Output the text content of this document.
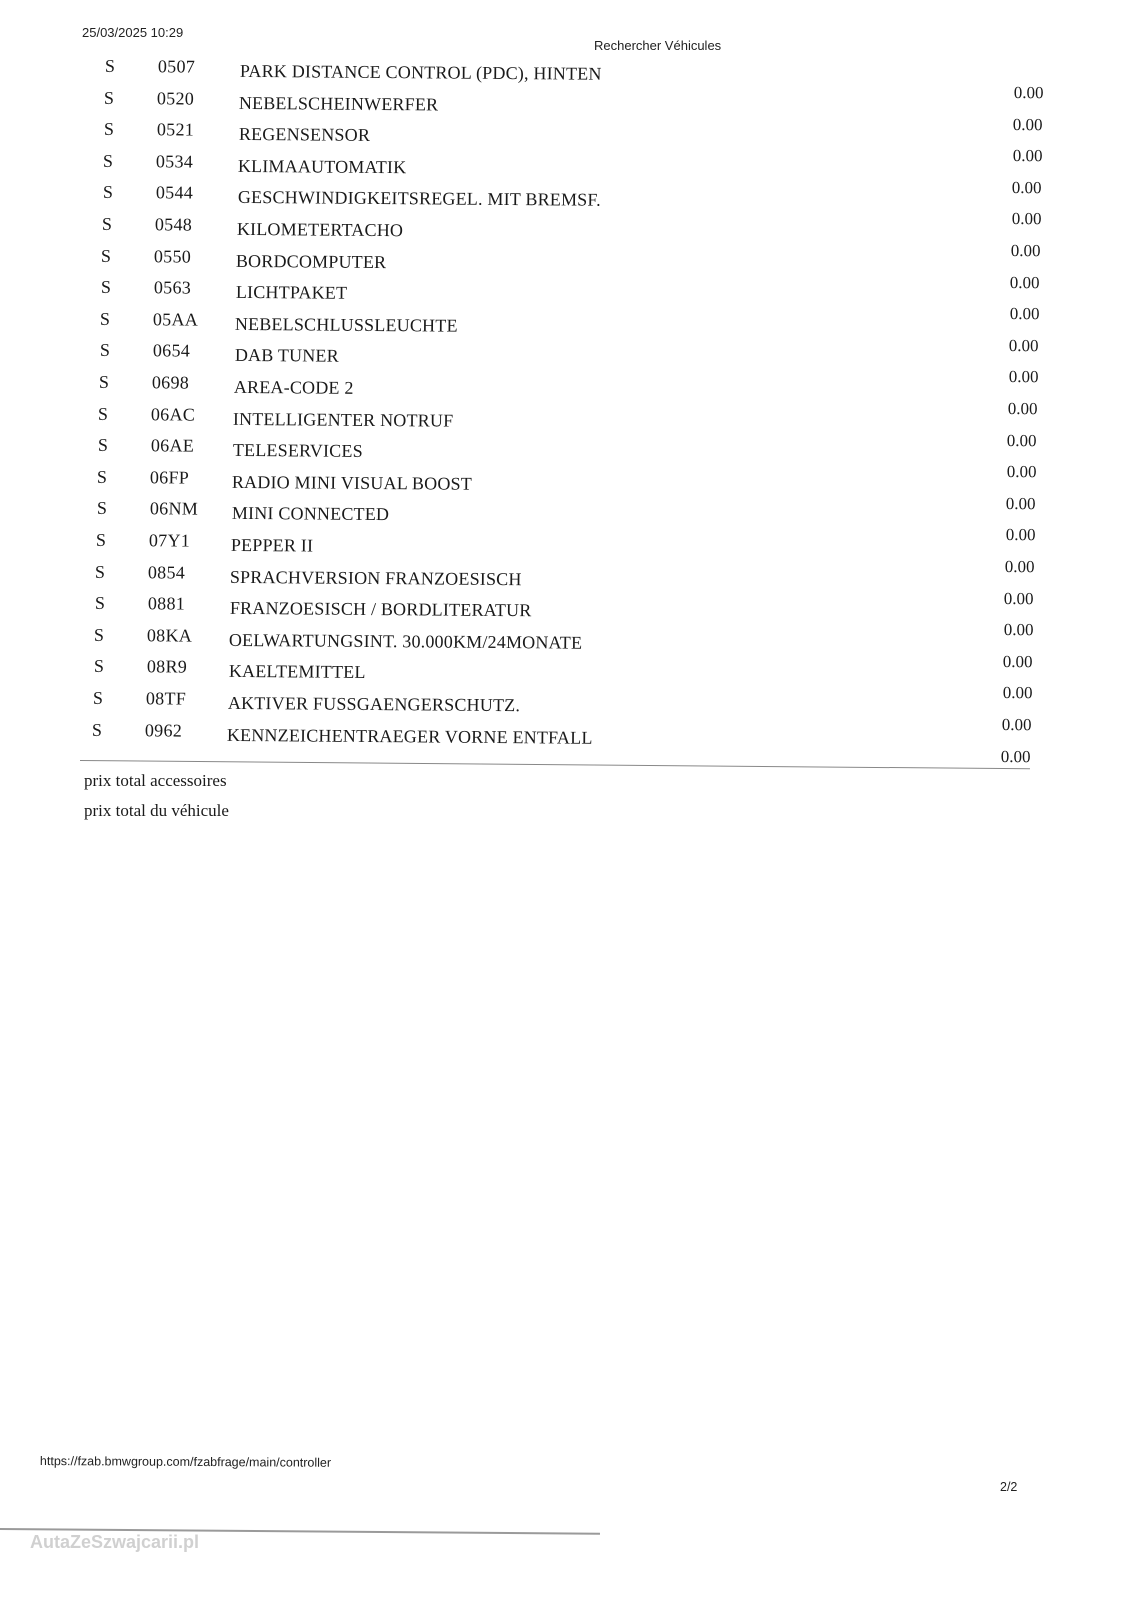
25/03/2025 10:29
Rechercher Véhicules
S 0507 PARK DISTANCE CONTROL (PDC), HINTEN
0.00
S 0520 NEBELSCHEINWERFER
0.00
S 0521 REGENSENSOR
0.00
S 0534 KLIMAAUTOMATIK
0.00
S 0544 GESCHWINDIGKEITSREGEL. MIT BREMSF.
0.00
S 0548 KILOMETERTACHO
0.00
S 0550 BORDCOMPUTER
0.00
S 0563 LICHTPAKET
0.00
S 05AA NEBELSCHLUSSLEUCHTE
0.00
S 0654 DAB TUNER
0.00
S 0698 AREA-CODE 2
0.00
S 06AC INTELLIGENTER NOTRUF
0.00
S 06AE TELESERVICES
0.00
S 06FP RADIO MINI VISUAL BOOST
0.00
S 06NM MINI CONNECTED
0.00
S 07Y1 PEPPER II
0.00
S 0854 SPRACHVERSION FRANZOESISCH
0.00
S 0881 FRANZOESISCH / BORDLITERATUR
0.00
S 08KA OELWARTUNGSINT. 30.000KM/24MONATE
0.00
S 08R9 KAELTEMITTEL
0.00
S 08TF AKTIVER FUSSGAENGERSCHUTZ.
0.00
S 0962 KENNZEICHENTRAEGER VORNE ENTFALL
0.00
prix total accessoires
prix total du véhicule
https://fzab.bmwgroup.com/fzabfrage/main/controller
2/2
AutaZeSzwajcarii.pl
